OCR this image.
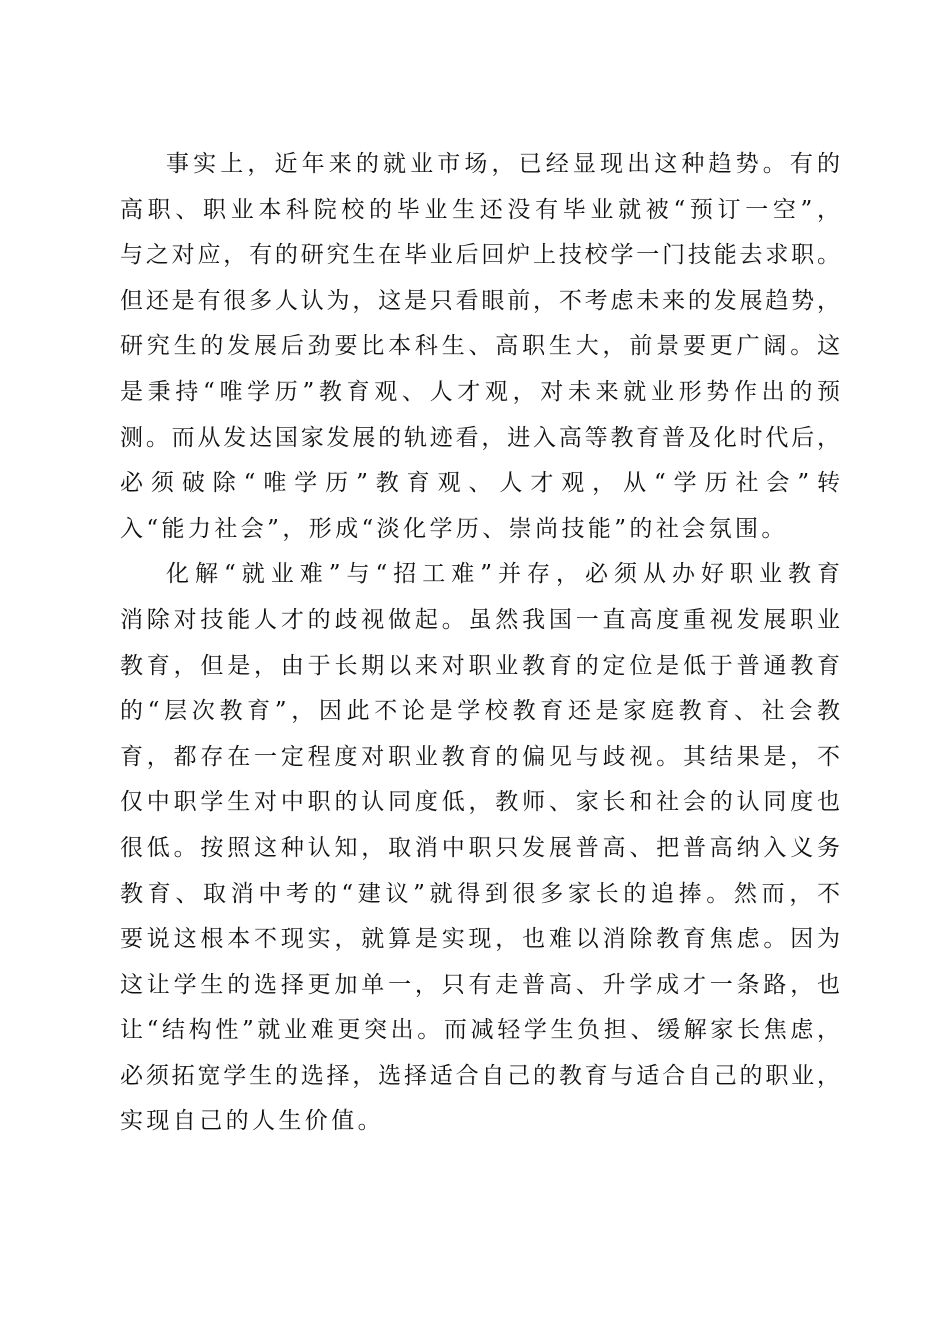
事实上，近年来的就业市场，已经显现出这种趋势。有的
高职、职业本科院校的毕业生还没有毕业就被“预订一空”，
与之对应，有的研究生在毕业后回炉上技校学一门技能去求职。
但还是有很多人认为，这是只看眼前，不考虑未来的发展趋势，
研究生的发展后劲要比本科生、高职生大，前景要更广阔。这
是秉持“唯学历”教育观、人才观，对未来就业形势作出的预
测。而从发达国家发展的轨迹看，进入高等教育普及化时代后，
必须破除“唯学历”教育观、人才观，从“学历社会”转
入“能力社会”，形成“淡化学历、崇尚技能”的社会氛围。
化解“就业难”与“招工难”并存，必须从办好职业教育
消除对技能人才的歧视做起。虽然我国一直高度重视发展职业
教育，但是，由于长期以来对职业教育的定位是低于普通教育
的“层次教育”，因此不论是学校教育还是家庭教育、社会教
育，都存在一定程度对职业教育的偏见与歧视。其结果是，不
仅中职学生对中职的认同度低，教师、家长和社会的认同度也
很低。按照这种认知，取消中职只发展普高、把普高纳入义务
教育、取消中考的“建议”就得到很多家长的追捧。然而，不
要说这根本不现实，就算是实现，也难以消除教育焦虑。因为
这让学生的选择更加单一，只有走普高、升学成才一条路，也
让“结构性”就业难更突出。而减轻学生负担、缓解家长焦虑，
必须拓宽学生的选择，选择适合自己的教育与适合自己的职业，
实现自己的人生价值。
